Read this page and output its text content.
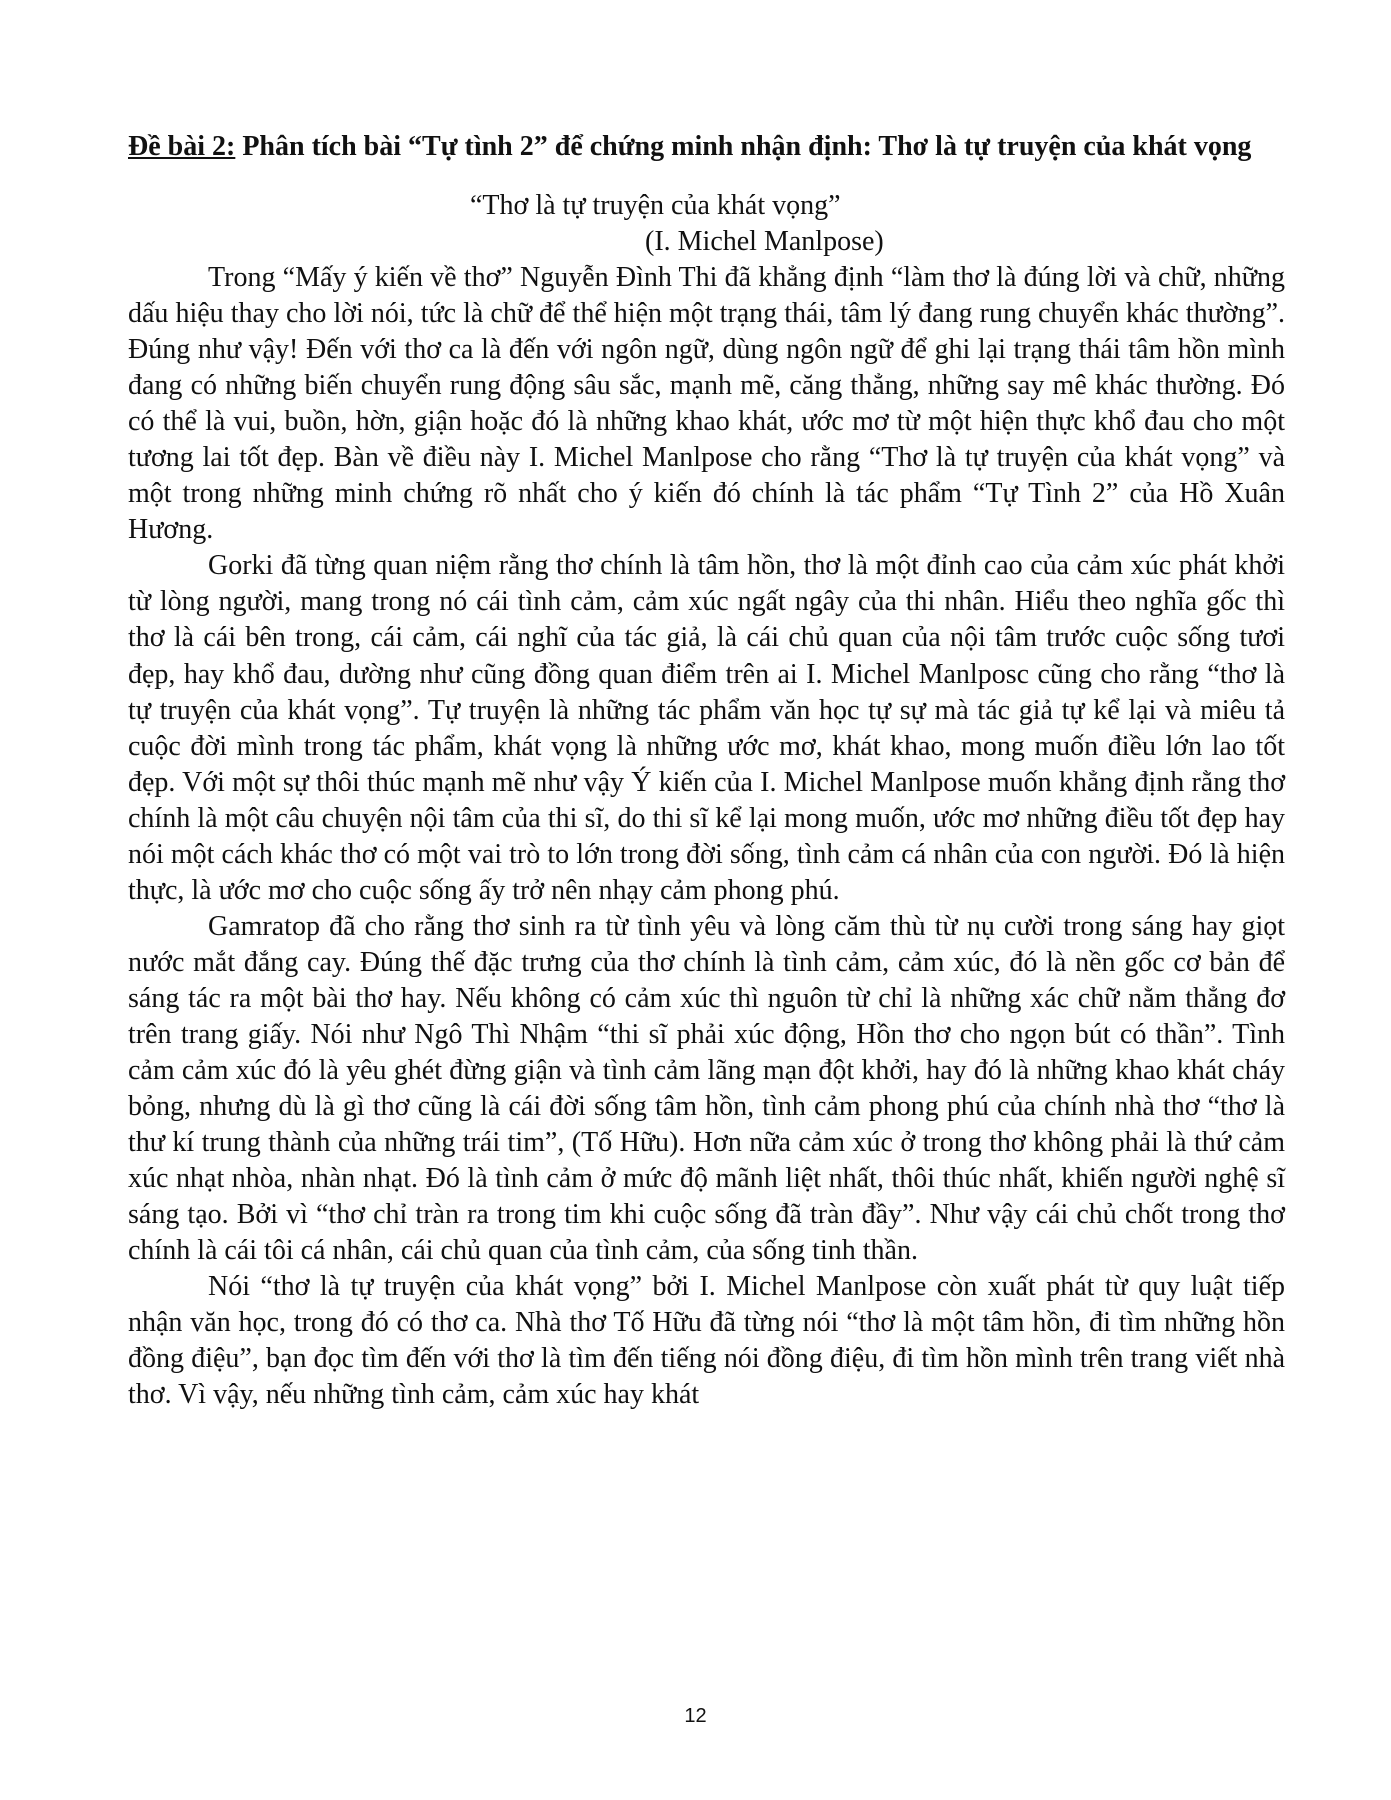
Đề bài 2: Phân tích bài “Tự tình 2” để chứng minh nhận định: Thơ là tự truyện của khát vọng

“Thơ là tự truyện của khát vọng”
(I. Michel Manlpose)

Trong “Mấy ý kiến về thơ” Nguyễn Đình Thi đã khẳng định “làm thơ là đúng lời và chữ, những dấu hiệu thay cho lời nói, tức là chữ để thể hiện một trạng thái, tâm lý đang rung chuyển khác thường”. Đúng như vậy! Đến với thơ ca là đến với ngôn ngữ, dùng ngôn ngữ để ghi lại trạng thái tâm hồn mình đang có những biến chuyển rung động sâu sắc, mạnh mẽ, căng thẳng, những say mê khác thường. Đó có thể là vui, buồn, hờn, giận hoặc đó là những khao khát, ước mơ từ một hiện thực khổ đau cho một tương lai tốt đẹp. Bàn về điều này I. Michel Manlpose cho rằng “Thơ là tự truyện của khát vọng” và một trong những minh chứng rõ nhất cho ý kiến đó chính là tác phẩm “Tự Tình 2” của Hồ Xuân Hương.

Gorki đã từng quan niệm rằng thơ chính là tâm hồn, thơ là một đỉnh cao của cảm xúc phát khởi từ lòng người, mang trong nó cái tình cảm, cảm xúc ngất ngây của thi nhân. Hiểu theo nghĩa gốc thì thơ là cái bên trong, cái cảm, cái nghĩ của tác giả, là cái chủ quan của nội tâm trước cuộc sống tươi đẹp, hay khổ đau, dường như cũng đồng quan điểm trên ai I. Michel Manlposc cũng cho rằng “thơ là tự truyện của khát vọng”. Tự truyện là những tác phẩm văn học tự sự mà tác giả tự kể lại và miêu tả cuộc đời mình trong tác phẩm, khát vọng là những ước mơ, khát khao, mong muốn điều lớn lao tốt đẹp. Với một sự thôi thúc mạnh mẽ như vậy Ý kiến của I. Michel Manlpose muốn khẳng định rằng thơ chính là một câu chuyện nội tâm của thi sĩ, do thi sĩ kể lại mong muốn, ước mơ những điều tốt đẹp hay nói một cách khác thơ có một vai trò to lớn trong đời sống, tình cảm cá nhân của con người. Đó là hiện thực, là ước mơ cho cuộc sống ấy trở nên nhạy cảm phong phú.

Gamratop đã cho rằng thơ sinh ra từ tình yêu và lòng căm thù từ nụ cười trong sáng hay giọt nước mắt đắng cay. Đúng thế đặc trưng của thơ chính là tình cảm, cảm xúc, đó là nền gốc cơ bản để sáng tác ra một bài thơ hay. Nếu không có cảm xúc thì nguôn từ chỉ là những xác chữ nằm thẳng đơ trên trang giấy. Nói như Ngô Thì Nhậm “thi sĩ phải xúc động, Hồn thơ cho ngọn bút có thần”. Tình cảm cảm xúc đó là yêu ghét đừng giận và tình cảm lãng mạn đột khởi, hay đó là những khao khát cháy bỏng, nhưng dù là gì thơ cũng là cái đời sống tâm hồn, tình cảm phong phú của chính nhà thơ “thơ là thư kí trung thành của những trái tim”, (Tố Hữu). Hơn nữa cảm xúc ở trong thơ không phải là thứ cảm xúc nhạt nhòa, nhàn nhạt. Đó là tình cảm ở mức độ mãnh liệt nhất, thôi thúc nhất, khiến người nghệ sĩ sáng tạo. Bởi vì “thơ chỉ tràn ra trong tim khi cuộc sống đã tràn đầy”. Như vậy cái chủ chốt trong thơ chính là cái tôi cá nhân, cái chủ quan của tình cảm, của sống tinh thần.

Nói “thơ là tự truyện của khát vọng” bởi I. Michel Manlpose còn xuất phát từ quy luật tiếp nhận văn học, trong đó có thơ ca. Nhà thơ Tố Hữu đã từng nói “thơ là một tâm hồn, đi tìm những hồn đồng điệu”, bạn đọc tìm đến với thơ là tìm đến tiếng nói đồng điệu, đi tìm hồn mình trên trang viết nhà thơ. Vì vậy, nếu những tình cảm, cảm xúc hay khát

12
